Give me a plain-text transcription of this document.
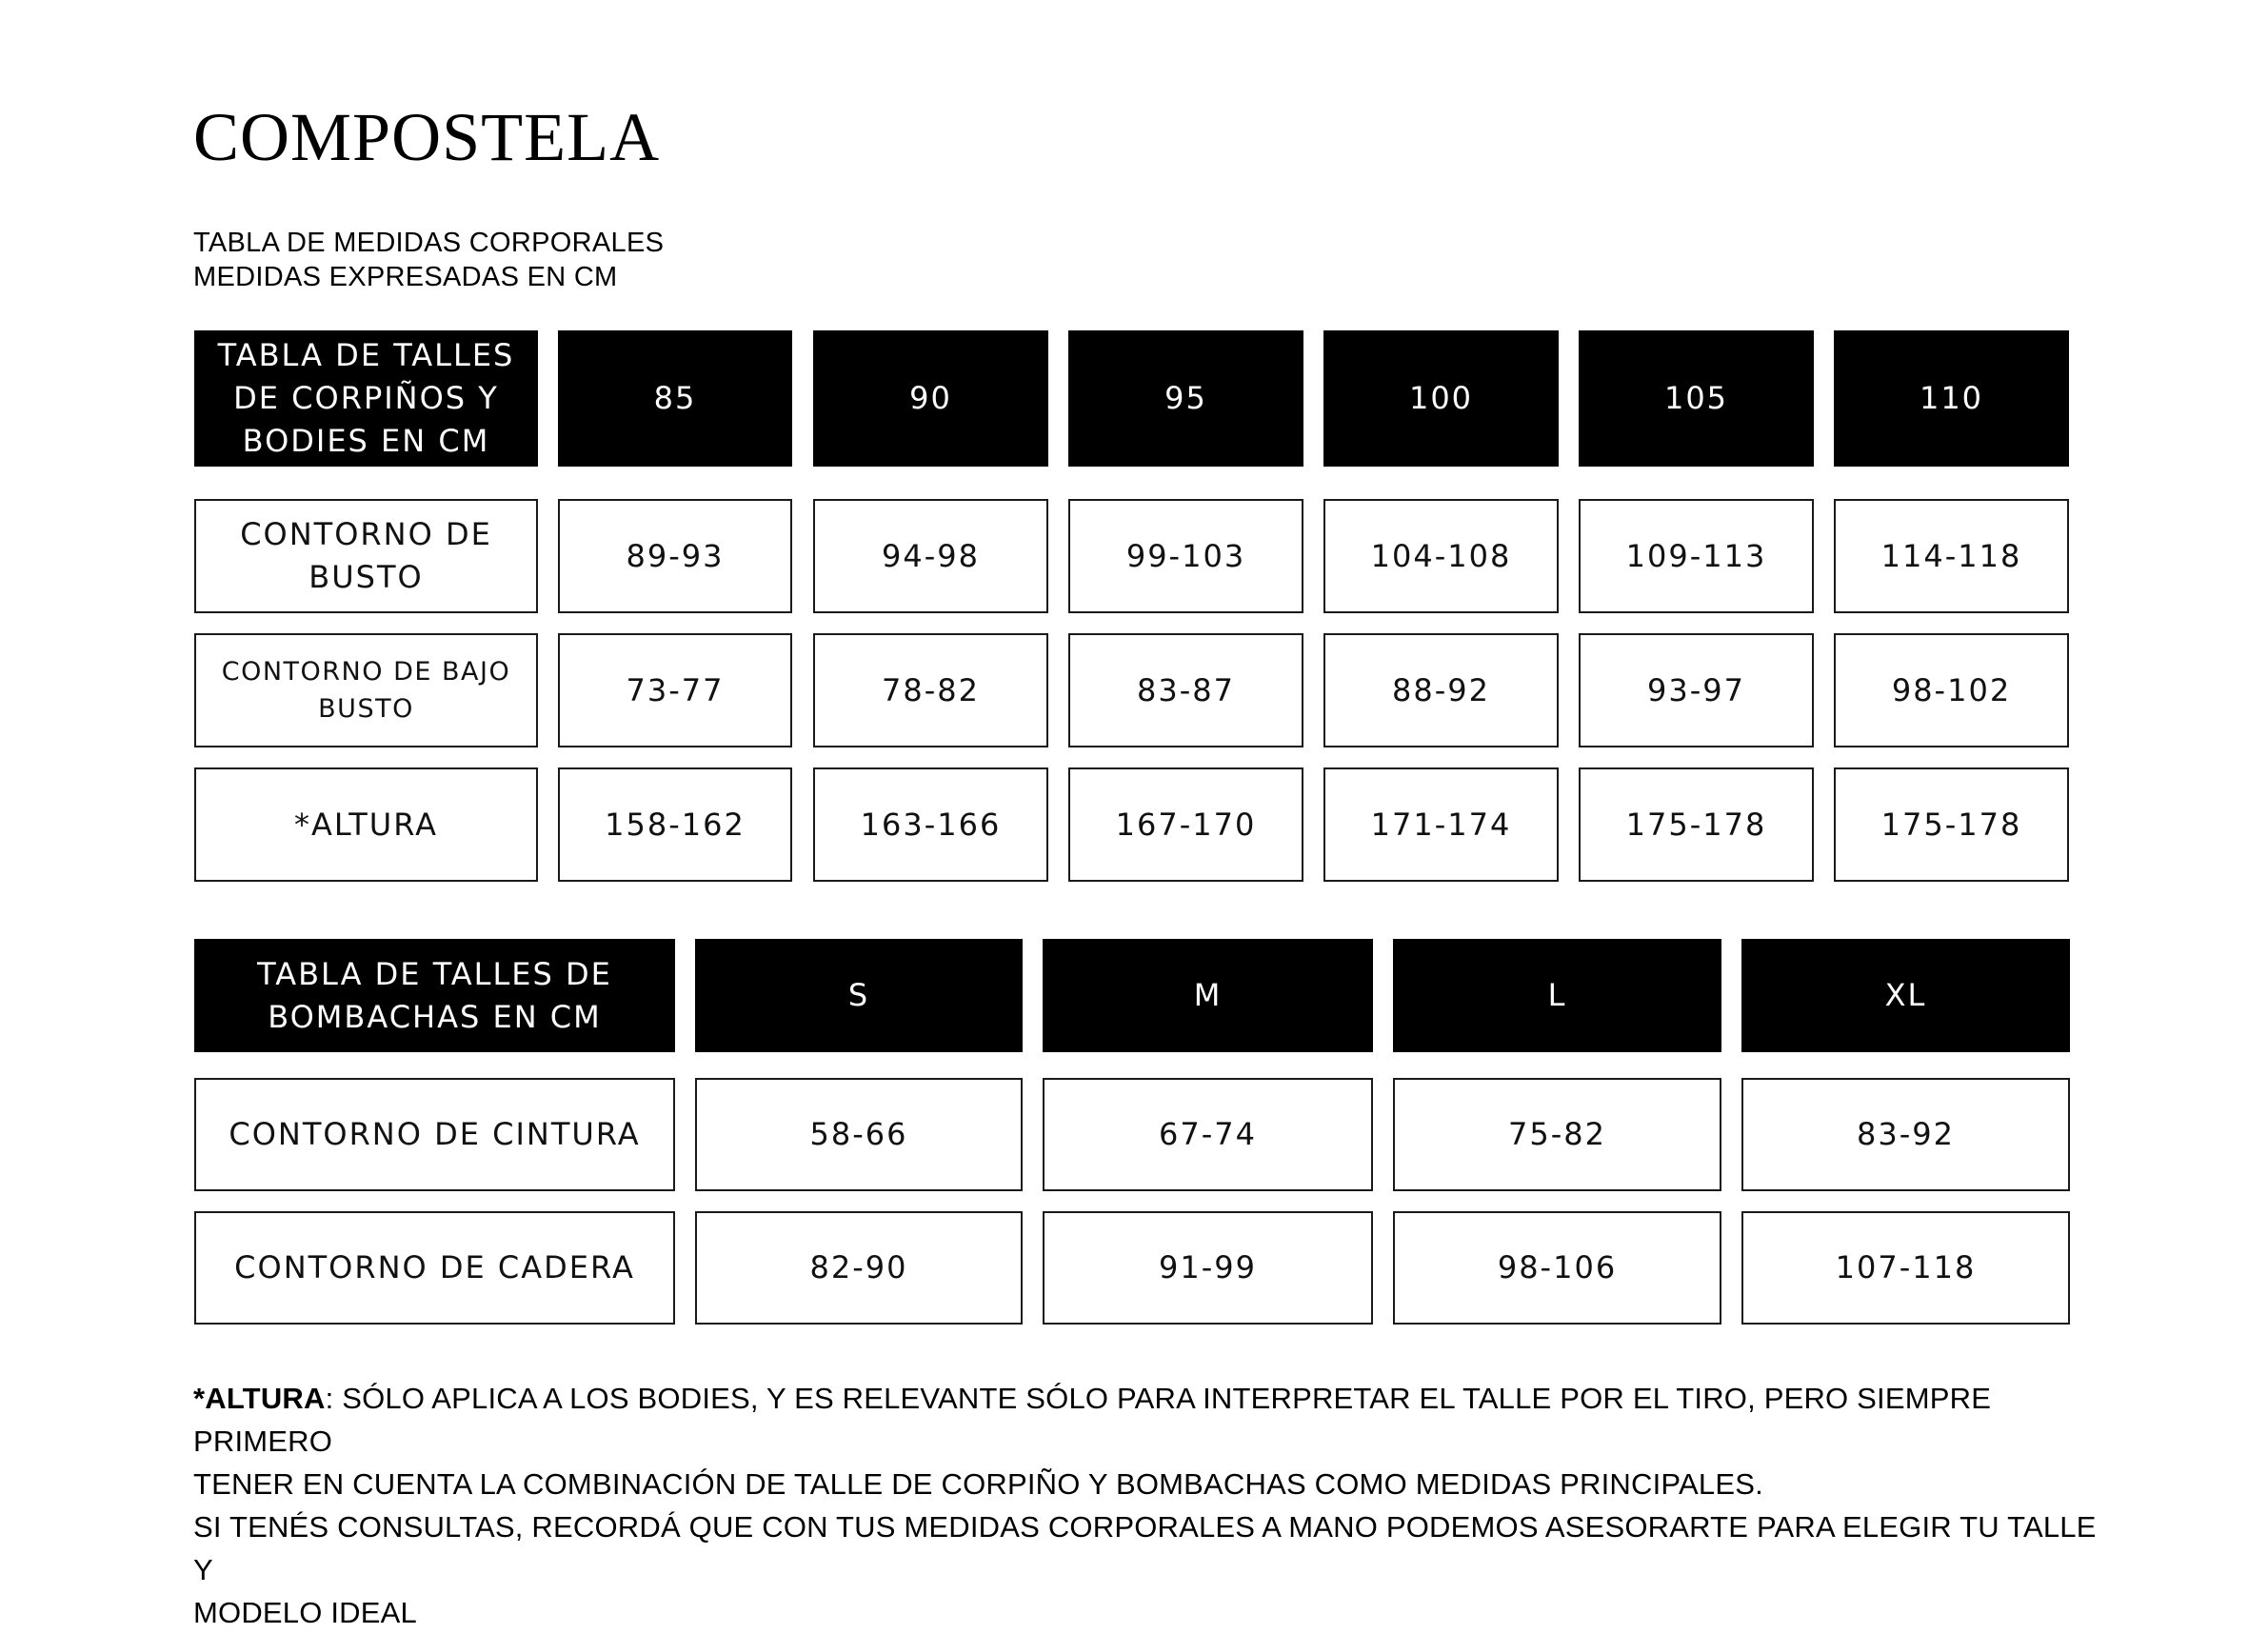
COMPOSTELA

TABLA DE MEDIDAS CORPORALES

MEDIDAS EXPRESADAS EN CM

TABLA DE TALLES
DE CORPIÑOS Y
BODIES EN CM
85	90	95	100	105	110
CONTORNO DE
BUSTO
89-93	94-98	99-103	104-108	109-113	114-118
CONTORNO DE BAJO
BUSTO
73-77	78-82	83-87	88-92	93-97	98-102
*ALTURA	158-162	163-166	167-170	171-174	175-178	175-178
TABLA DE TALLES DE
BOMBACHAS EN CM
S	M	L	XL
CONTORNO DE CINTURA	58-66	67-74	75-82	83-92
CONTORNO DE CADERA	82-90	91-99	98-106	107-118
*ALTURA: SÓLO APLICA A LOS BODIES, Y ES RELEVANTE SÓLO PARA INTERPRETAR EL TALLE POR EL TIRO, PERO SIEMPRE PRIMERO
TENER EN CUENTA LA COMBINACIÓN DE TALLE DE CORPIÑO Y BOMBACHAS COMO MEDIDAS PRINCIPALES.
SI TENÉS CONSULTAS, RECORDÁ QUE CON TUS MEDIDAS CORPORALES A MANO PODEMOS ASESORARTE PARA ELEGIR TU TALLE Y
MODELO IDEAL
